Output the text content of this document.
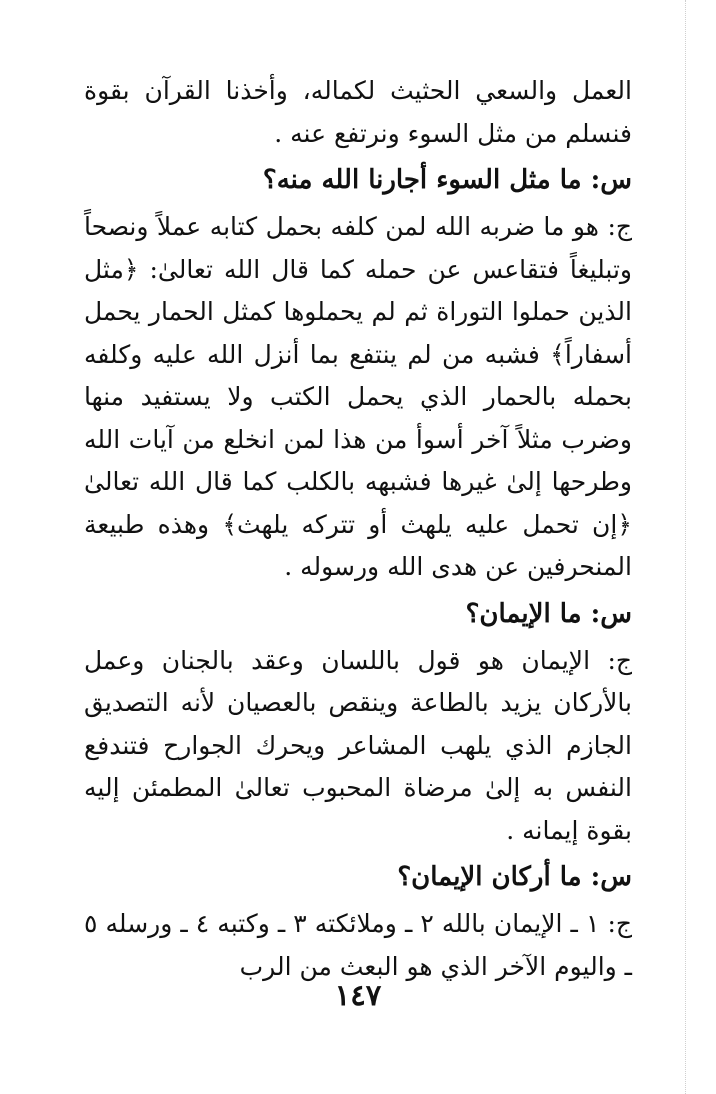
العمل والسعي الحثيث لكماله، وأخذنا القرآن بقوة فنسلم من مثل السوء ونرتفع عنه .

س: ما مثل السوء أجارنا الله منه؟

ج: هو ما ضربه الله لمن كلفه بحمل كتابه عملاً ونصحاً وتبليغاً فتقاعس عن حمله كما قال الله تعالىٰ: ﴿مثل الذين حملوا التوراة ثم لم يحملوها كمثل الحمار يحمل أسفاراً﴾ فشبه من لم ينتفع بما أنزل الله عليه وكلفه بحمله بالحمار الذي يحمل الكتب ولا يستفيد منها وضرب مثلاً آخر أسوأ من هذا لمن انخلع من آيات الله وطرحها إلىٰ غيرها فشبهه بالكلب كما قال الله تعالىٰ ﴿إن تحمل عليه يلهث أو تتركه يلهث﴾ وهذه طبيعة المنحرفين عن هدى الله ورسوله .

س: ما الإيمان؟

ج: الإيمان هو قول باللسان وعقد بالجنان وعمل بالأركان يزيد بالطاعة وينقص بالعصيان لأنه التصديق الجازم الذي يلهب المشاعر ويحرك الجوارح فتندفع النفس به إلىٰ مرضاة المحبوب تعالىٰ المطمئن إليه بقوة إيمانه .

س: ما أركان الإيمان؟

ج: ١ ـ الإيمان بالله ٢ ـ وملائكته ٣ ـ وكتبه ٤ ـ ورسله ٥ ـ واليوم الآخر الذي هو البعث من الرب

١٤٧
